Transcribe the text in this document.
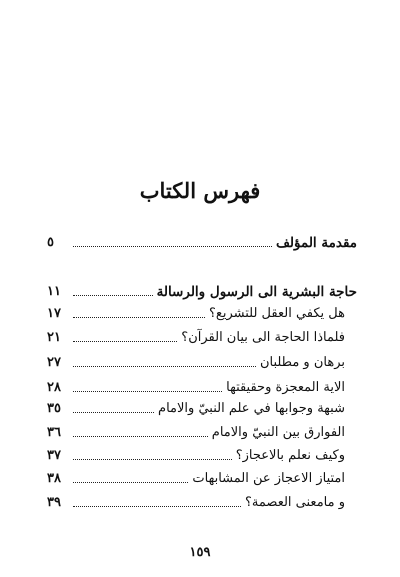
فهرس الكتاب
مقدمة المؤلف
٥
حاجة البشرية الى الرسول والرسالة
١١
هل يكفي العقل للتشريع؟
١٧
فلماذا الحاجة الى بيان القرآن؟
٢١
برهان و مطلبان
٢٧
الاية المعجزة وحقيقتها
٢٨
شبهة وجوابها في علم النبيّ والامام
٣٥
الفوارق بين النبيّ والامام
٣٦
وكيف نعلم بالاعجاز؟
٣٧
امتياز الاعجاز عن المشابهات
٣٨
و مامعنى العصمة؟
٣٩
١٥٩
